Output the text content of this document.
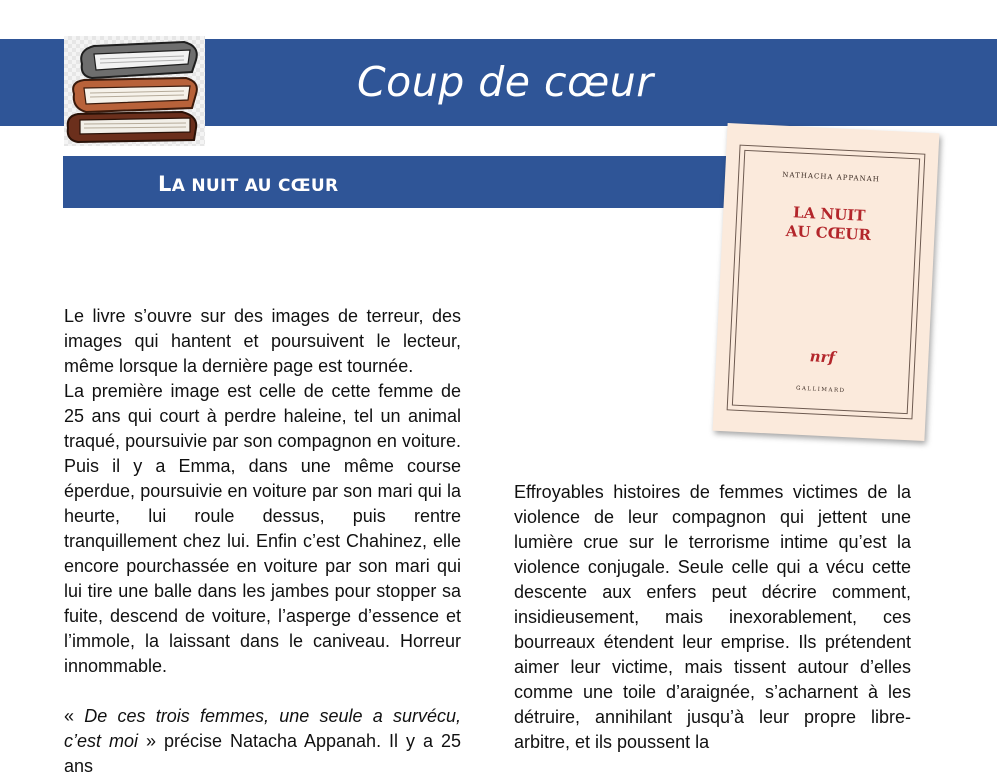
Coup de cœur
LA NUIT AU CŒUR	NATHACHA APPANAH
LA NUIT
AU CŒUR
nrf
GALLIMARD

Le livre s’ouvre sur des images de terreur, des images qui hantent et poursuivent le lecteur, même lorsque la dernière page est tournée.

La première image est celle de cette femme de 25 ans qui court à perdre haleine, tel un animal traqué, poursuivie par son compagnon en voiture. Puis il y a Emma, dans une même course éperdue, poursuivie en voiture par son mari qui la heurte, lui roule dessus, puis rentre tranquillement chez lui. Enfin c’est Chahinez, elle encore pourchassée en voiture par son mari qui lui tire une balle dans les jambes pour stopper sa fuite, descend de voiture, l’asperge d’essence et l’immole, la laissant dans le caniveau. Horreur innommable.

« De ces trois femmes, une seule a survécu, c’est moi » précise Natacha Appanah. Il y a 25 ans

Effroyables histoires de femmes victimes de la violence de leur compagnon qui jettent une lumière crue sur le terrorisme intime qu’est la violence conjugale. Seule celle qui a vécu cette descente aux enfers peut décrire comment, insidieusement, mais inexorablement, ces bourreaux étendent leur emprise. Ils prétendent aimer leur victime, mais tissent autour d’elles comme une toile d’araignée, s’acharnent à les détruire, annihilant jusqu’à leur propre libre-arbitre, et ils poussent la
